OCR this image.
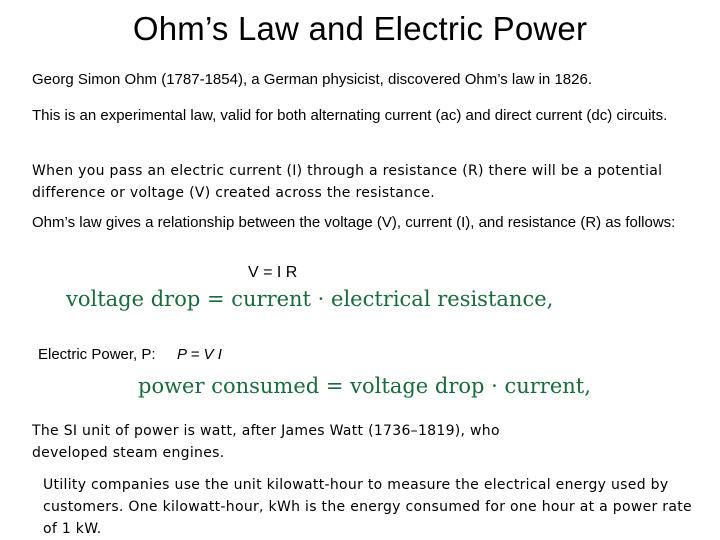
Ohm’s Law and Electric Power

Georg Simon Ohm (1787-1854), a German physicist, discovered Ohm’s law in 1826.

This is an experimental law, valid for both alternating current (ac) and direct current (dc) circuits.

When you pass an electric current (I) through a resistance (R) there will be a potential difference or voltage (V) created across the resistance.

Ohm’s law gives a relationship between the voltage (V), current (I), and resistance (R) as follows:

V = I R
voltage drop = current · electrical resistance,
Electric Power, P: P = V I
power consumed = voltage drop · current,

The SI unit of power is watt, after James Watt (1736–1819), who developed steam engines.

Utility companies use the unit kilowatt-hour to measure the electrical energy used by customers. One kilowatt-hour, kWh is the energy consumed for one hour at a power rate of 1 kW.
